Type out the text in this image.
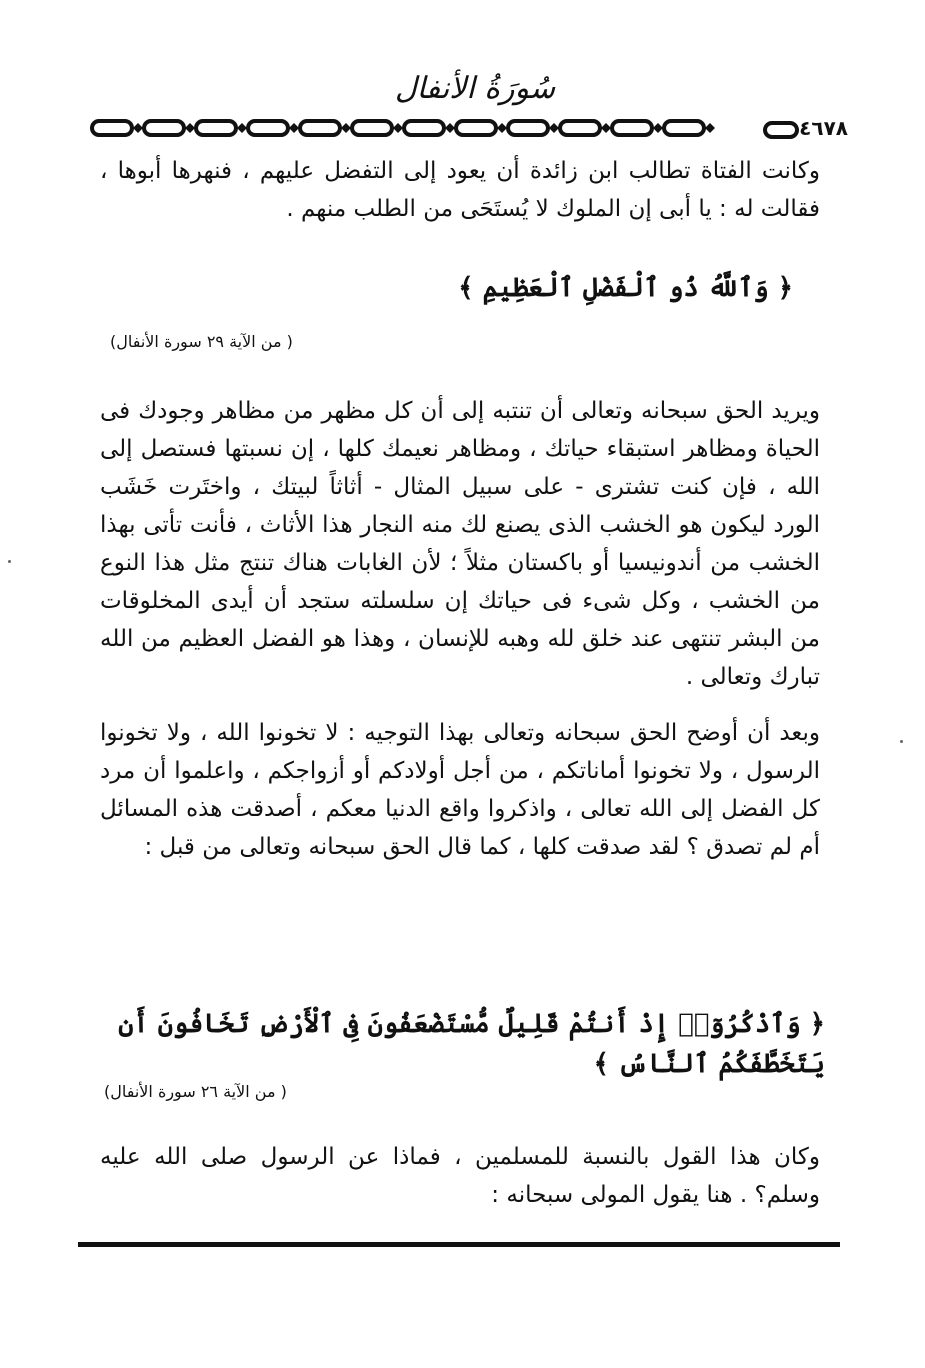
سُورَةُ الأنفال
٤٦٧٨

وكانت الفتاة تطالب ابن زائدة أن يعود إلى التفضل عليهم ، فنهرها أبوها ، فقالت له : يا أبى إن الملوك لا يُستَحَى من الطلب منهم .

﴿ وَٱللَّهُ ذُو ٱلْفَضْلِ ٱلْعَظِيمِ ﴾

( من الآية ٢٩ سورة الأنفال)

ويريد الحق سبحانه وتعالى أن تنتبه إلى أن كل مظهر من مظاهر وجودك فى الحياة ومظاهر استبقاء حياتك ، ومظاهر نعيمك كلها ، إن نسبتها فستصل إلى الله ، فإن كنت تشترى - على سبيل المثال - أثاثاً لبيتك ، واختَرت خَشَب الورد ليكون هو الخشب الذى يصنع لك منه النجار هذا الأثاث ، فأنت تأتى بهذا الخشب من أندونيسيا أو باكستان مثلاً ؛ لأن الغابات هناك تنتج مثل هذا النوع من الخشب ، وكل شىء فى حياتك إن سلسلته ستجد أن أيدى المخلوقات من البشر تنتهى عند خلق لله وهبه للإنسان ، وهذا هو الفضل العظيم من الله تبارك وتعالى .

وبعد أن أوضح الحق سبحانه وتعالى بهذا التوجيه : لا تخونوا الله ، ولا تخونوا الرسول ، ولا تخونوا أماناتكم ، من أجل أولادكم أو أزواجكم ، واعلموا أن مرد كل الفضل إلى الله تعالى ، واذكروا واقع الدنيا معكم ، أصدقت هذه المسائل أم لم تصدق ؟ لقد صدقت كلها ، كما قال الحق سبحانه وتعالى من قبل :

﴿ وَٱذْكُرُوٓا۟ إِذْ أَنتُمْ قَلِيلٌ مُّسْتَضْعَفُونَ فِى ٱلْأَرْضِ تَخَافُونَ أَن يَتَخَطَّفَكُمُ ٱلنَّاسُ ﴾

( من الآية ٢٦ سورة الأنفال)

وكان هذا القول بالنسبة للمسلمين ، فماذا عن الرسول صلى الله عليه وسلم؟ . هنا يقول المولى سبحانه :
